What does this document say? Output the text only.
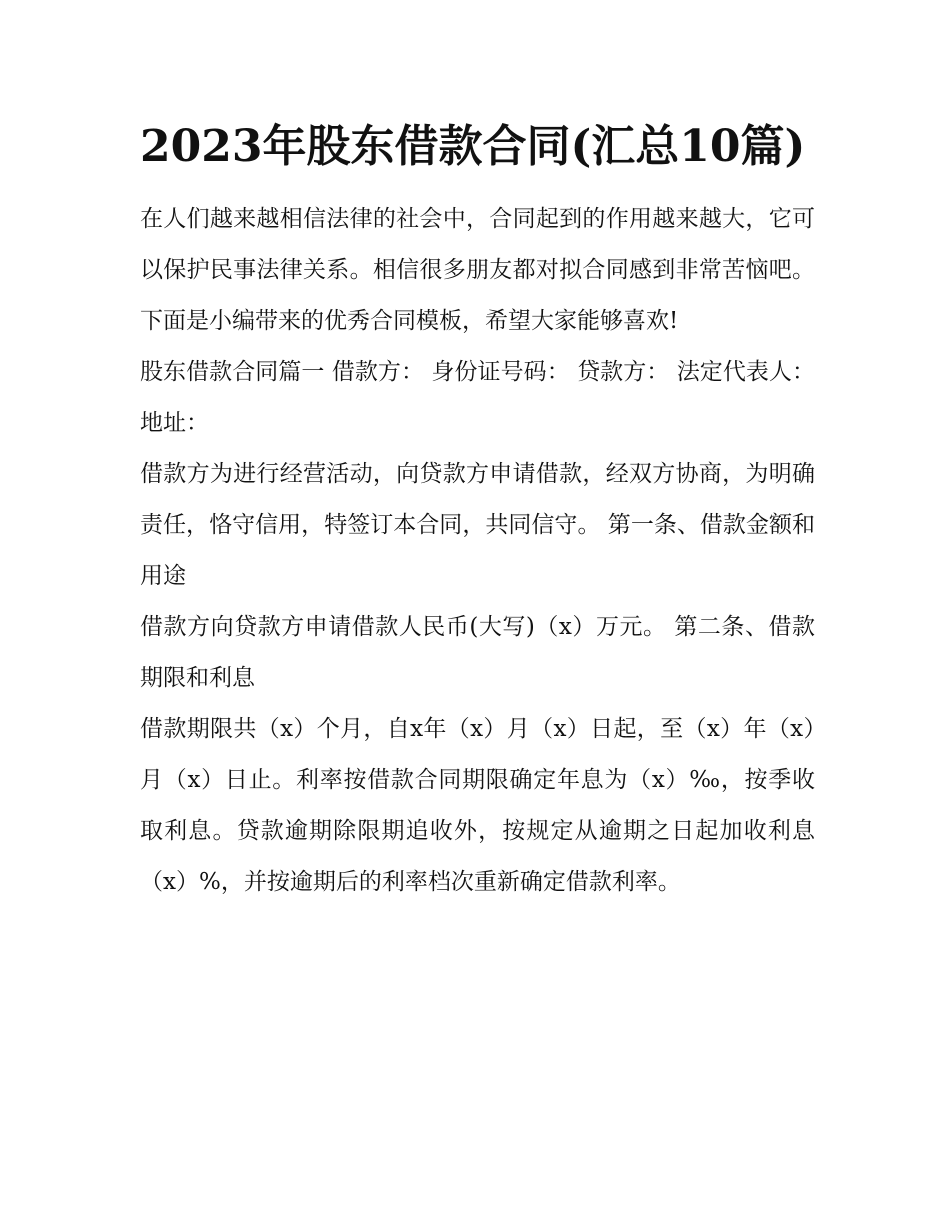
2023年股东借款合同(汇总10篇)

在人们越来越相信法律的社会中，合同起到的作用越来越大，它可以保护民事法律关系。相信很多朋友都对拟合同感到非常苦恼吧。下面是小编带来的优秀合同模板，希望大家能够喜欢!

股东借款合同篇一 借款方： 身份证号码： 贷款方： 法定代表人： 地址：

借款方为进行经营活动，向贷款方申请借款，经双方协商，为明确责任，恪守信用，特签订本合同，共同信守。 第一条、借款金额和用途

借款方向贷款方申请借款人民币(大写)（x）万元。 第二条、借款期限和利息

借款期限共（x）个月，自x年（x）月（x）日起，至（x）年（x）月（x）日止。利率按借款合同期限确定年息为（x）‰，按季收取利息。贷款逾期除限期追收外，按规定从逾期之日起加收利息（x）%，并按逾期后的利率档次重新确定借款利率。
